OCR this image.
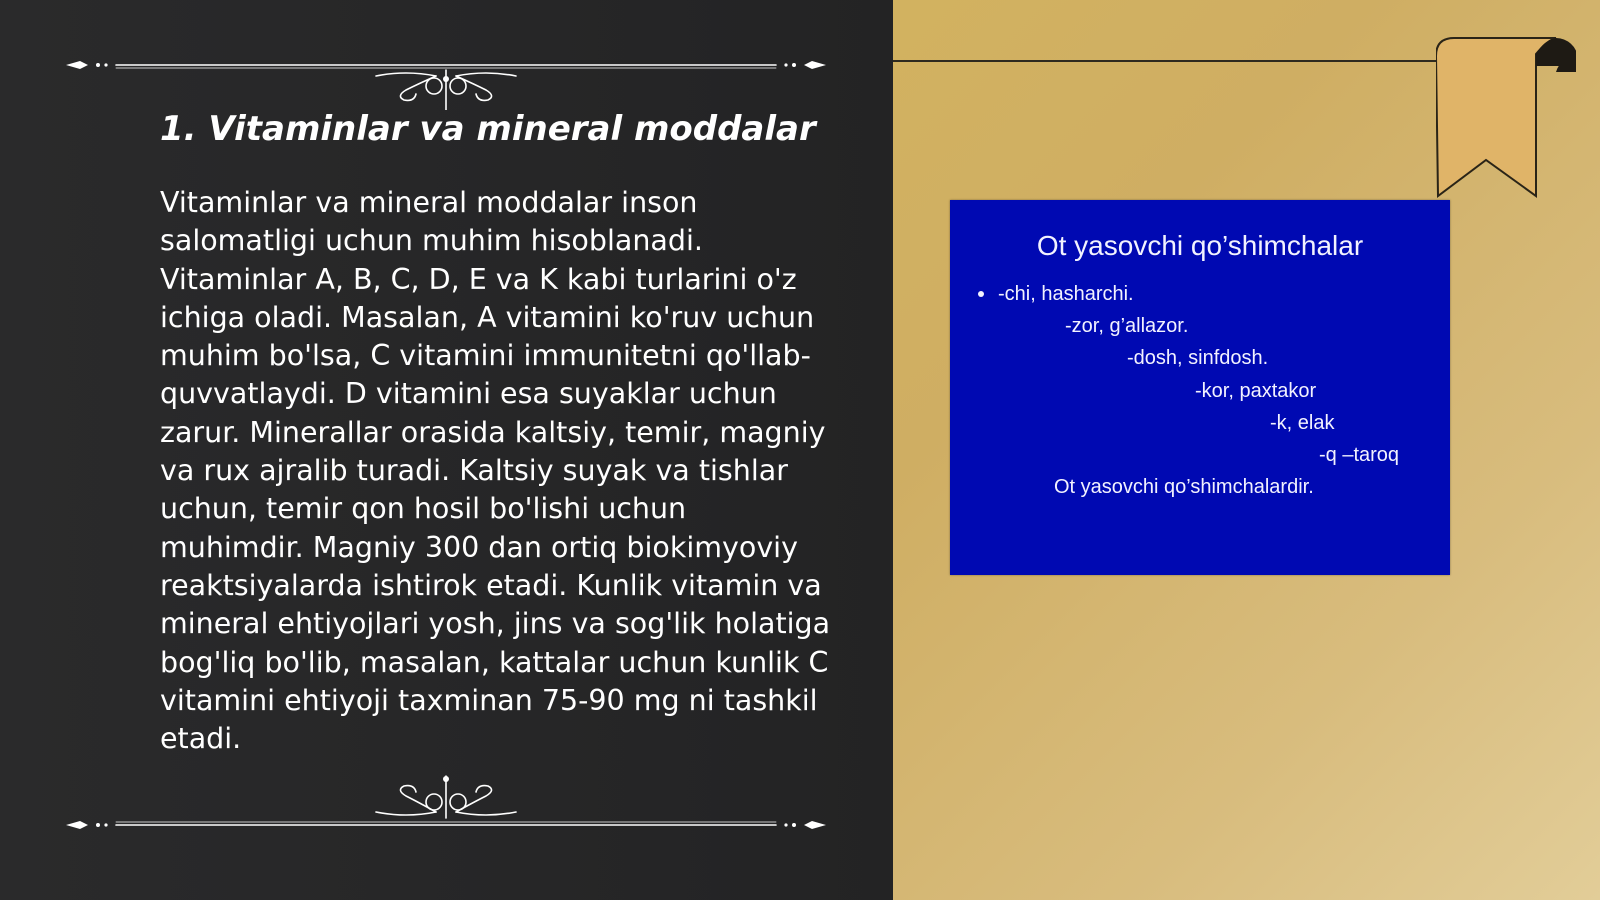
1. Vitaminlar va mineral moddalar

Vitaminlar va mineral moddalar inson salomatligi uchun muhim hisoblanadi. Vitaminlar A, B, C, D, E va K kabi turlarini o'z ichiga oladi. Masalan, A vitamini ko'ruv uchun muhim bo'lsa, C vitamini immunitetni qo'llab-quvvatlaydi. D vitamini esa suyaklar uchun zarur. Minerallar orasida kaltsiy, temir, magniy va rux ajralib turadi. Kaltsiy suyak va tishlar uchun, temir qon hosil bo'lishi uchun muhimdir. Magniy 300 dan ortiq biokimyoviy reaktsiyalarda ishtirok etadi. Kunlik vitamin va mineral ehtiyojlari yosh, jins va sog'lik holatiga bog'liq bo'lib, masalan, kattalar uchun kunlik C vitamini ehtiyoji taxminan 75-90 mg ni tashkil etadi.

Ot yasovchi qo’shimchalar
-chi, hasharchi.
-zor, g’allazor.
-dosh, sinfdosh.
-kor, paxtakor
-k, elak
-q –taroq
Ot yasovchi qo’shimchalardir.
